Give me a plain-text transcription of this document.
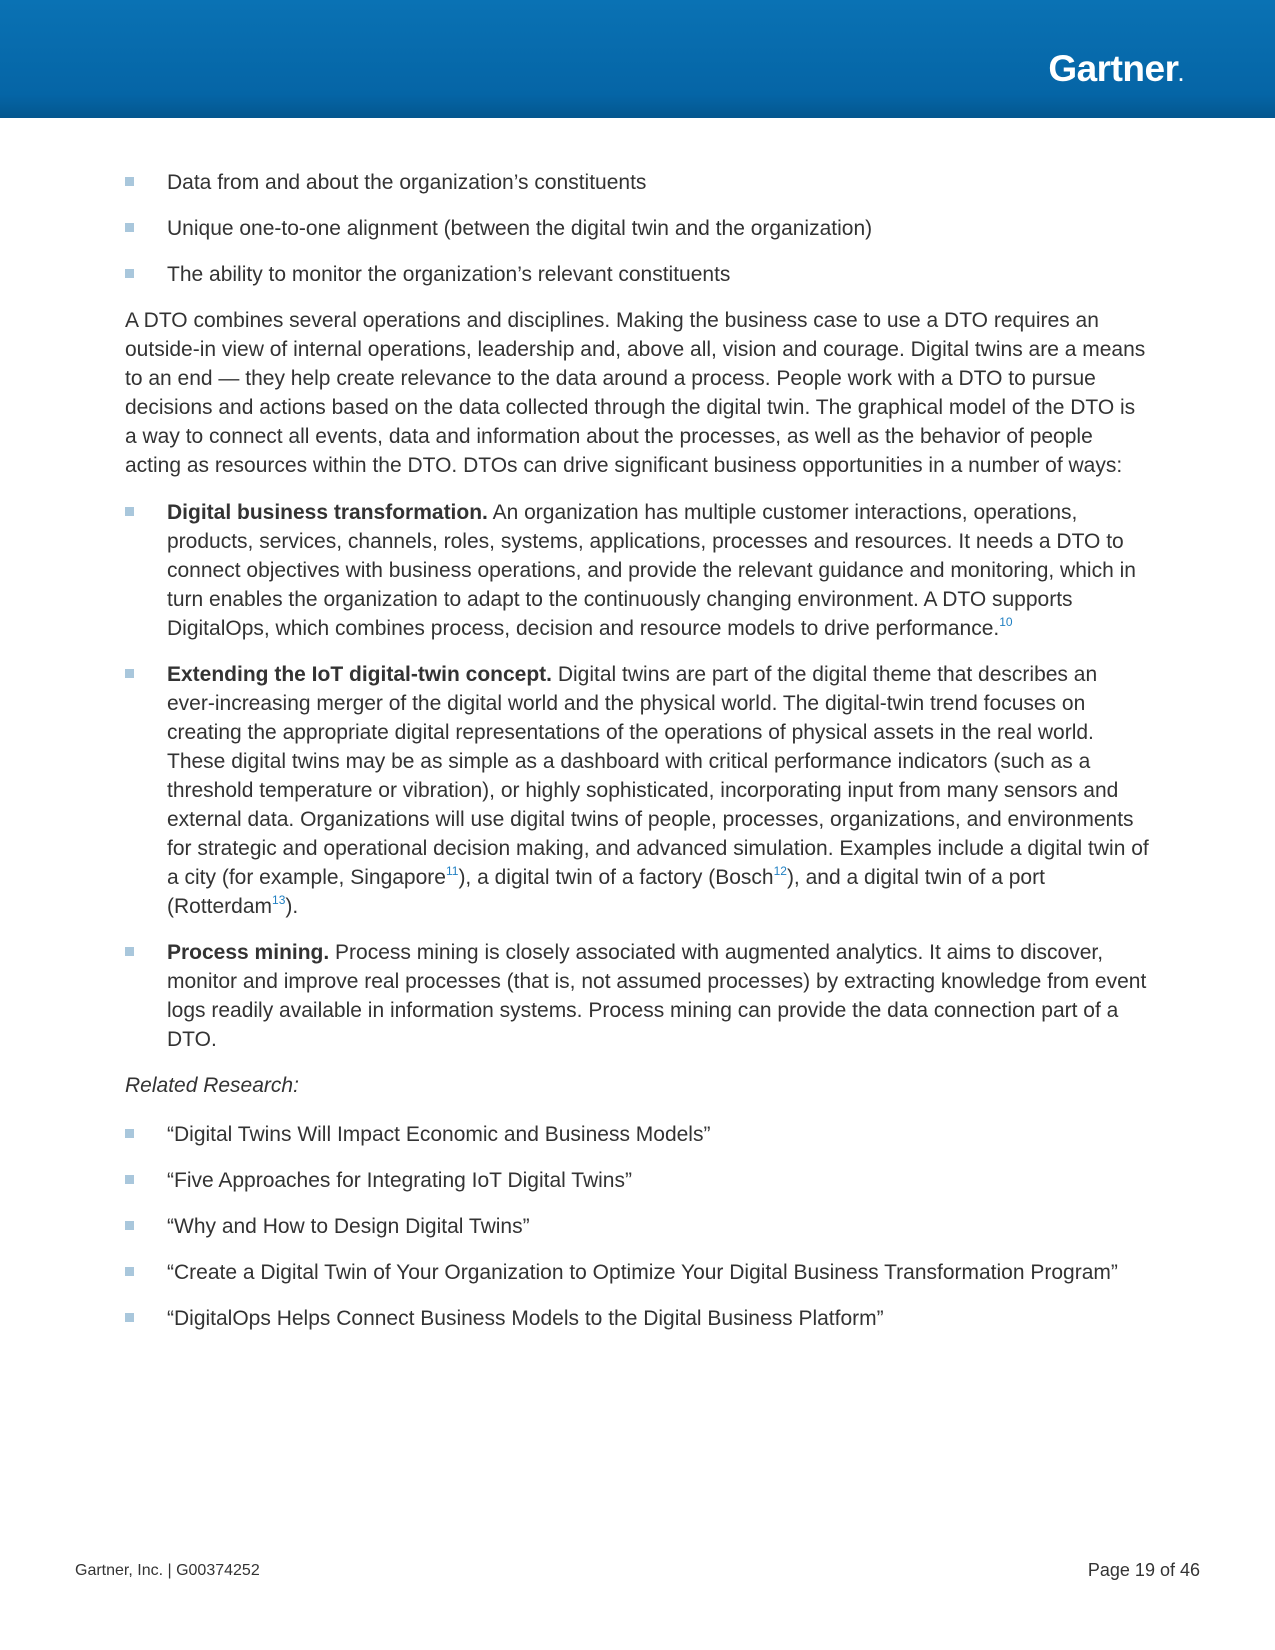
Gartner.
Data from and about the organization’s constituents
Unique one-to-one alignment (between the digital twin and the organization)
The ability to monitor the organization’s relevant constituents

A DTO combines several operations and disciplines. Making the business case to use a DTO requires an outside-in view of internal operations, leadership and, above all, vision and courage. Digital twins are a means to an end — they help create relevance to the data around a process. People work with a DTO to pursue decisions and actions based on the data collected through the digital twin. The graphical model of the DTO is a way to connect all events, data and information about the processes, as well as the behavior of people acting as resources within the DTO. DTOs can drive significant business opportunities in a number of ways:

Digital business transformation. An organization has multiple customer interactions, operations, products, services, channels, roles, systems, applications, processes and resources. It needs a DTO to connect objectives with business operations, and provide the relevant guidance and monitoring, which in turn enables the organization to adapt to the continuously changing environment. A DTO supports DigitalOps, which combines process, decision and resource models to drive performance.$^{10}$
Extending the IoT digital-twin concept. Digital twins are part of the digital theme that describes an ever-increasing merger of the digital world and the physical world. The digital-twin trend focuses on creating the appropriate digital representations of the operations of physical assets in the real world. These digital twins may be as simple as a dashboard with critical performance indicators (such as a threshold temperature or vibration), or highly sophisticated, incorporating input from many sensors and external data. Organizations will use digital twins of people, processes, organizations, and environments for strategic and operational decision making, and advanced simulation. Examples include a digital twin of a city (for example, Singapore$^{11}$), a digital twin of a factory (Bosch$^{12}$), and a digital twin of a port (Rotterdam$^{13}$).
Process mining. Process mining is closely associated with augmented analytics. It aims to discover, monitor and improve real processes (that is, not assumed processes) by extracting knowledge from event logs readily available in information systems. Process mining can provide the data connection part of a DTO.

Related Research:

“Digital Twins Will Impact Economic and Business Models”
“Five Approaches for Integrating IoT Digital Twins”
“Why and How to Design Digital Twins”
“Create a Digital Twin of Your Organization to Optimize Your Digital Business Transformation Program”
“DigitalOps Helps Connect Business Models to the Digital Business Platform”
Gartner, Inc. | G00374252	Page 19 of 46
